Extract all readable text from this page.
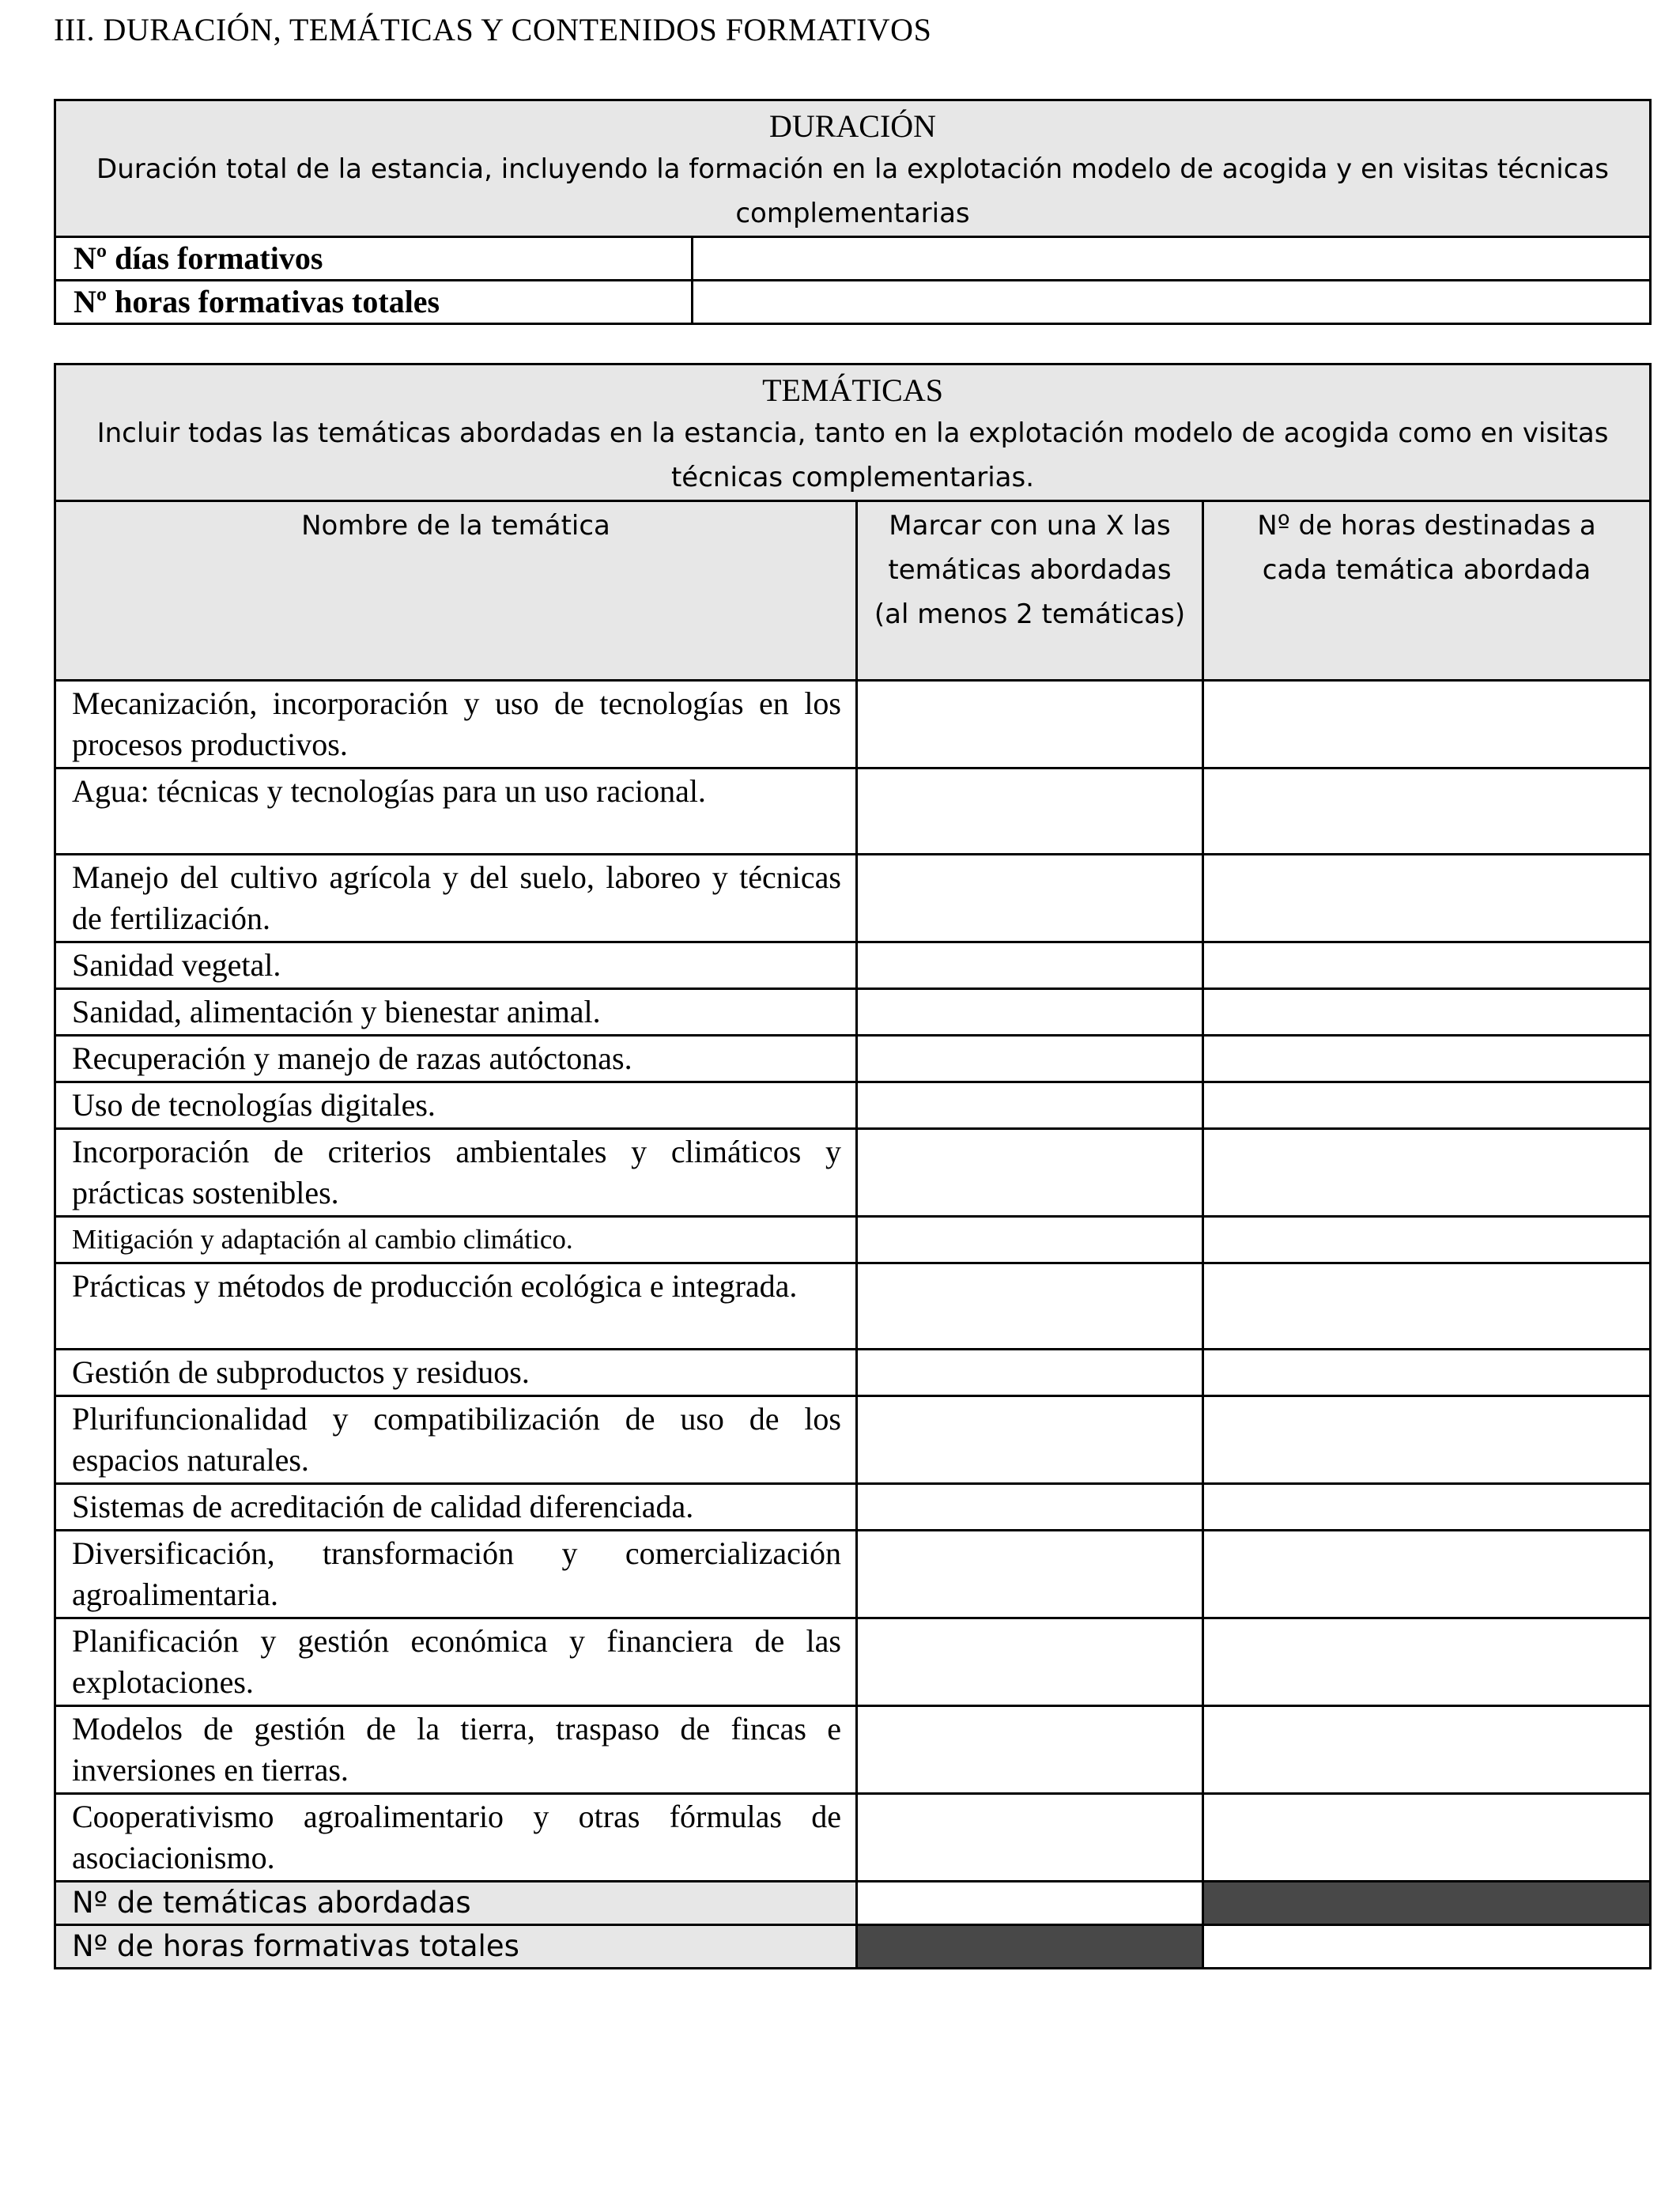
III. DURACIÓN, TEMÁTICAS Y CONTENIDOS FORMATIVOS
DURACIÓN
Duración total de la estancia, incluyendo la formación en la explotación modelo de acogida y en visitas técnicas complementarias	

Nº días formativos	
Nº horas formativas totales	
TEMÁTICAS
Incluir todas las temáticas abordadas en la estancia, tanto en la explotación modelo de acogida como en visitas técnicas complementarias.		

Nombre de la temática	Marcar con una X las temáticas abordadas (al menos 2 temáticas)	Nº de horas destinadas a cada temática abordada
Mecanización, incorporación y uso de tecnologías en los procesos productivos.		
Agua: técnicas y tecnologías para un uso racional.		
Manejo del cultivo agrícola y del suelo, laboreo y técnicas de fertilización.		
Sanidad vegetal.		
Sanidad, alimentación y bienestar animal.		
Recuperación y manejo de razas autóctonas.		
Uso de tecnologías digitales.		
Incorporación de criterios ambientales y climáticos y prácticas sostenibles.		
Mitigación y adaptación al cambio climático.		
Prácticas y métodos de producción ecológica e integrada.		
Gestión de subproductos y residuos.		
Plurifuncionalidad y compatibilización de uso de los espacios naturales.		
Sistemas de acreditación de calidad diferenciada.		
Diversificación, transformación y comercialización agroalimentaria.		
Planificación y gestión económica y financiera de las explotaciones.		
Modelos de gestión de la tierra, traspaso de fincas e inversiones en tierras.		
Cooperativismo agroalimentario y otras fórmulas de asociacionismo.		
Nº de temáticas abordadas		
Nº de horas formativas totales		
